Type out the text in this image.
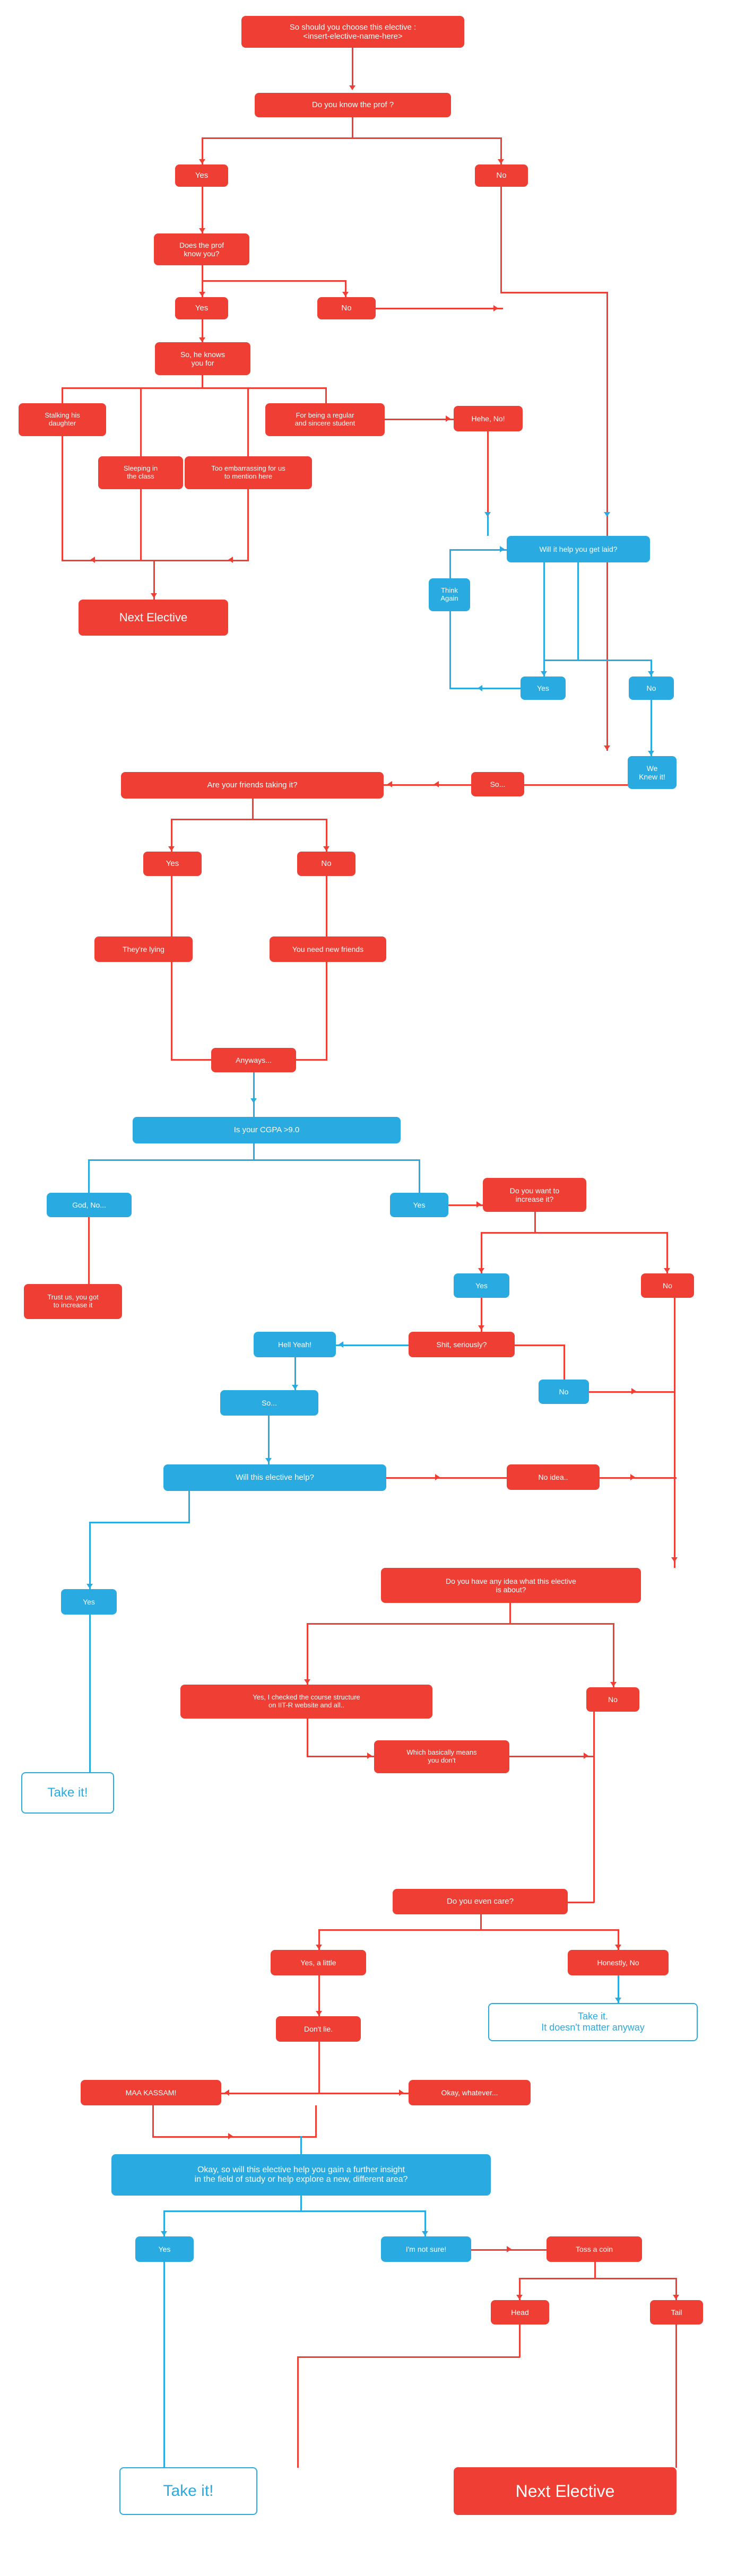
So should you choose this elective :
<insert-elective-name-here>
Do you know the prof ?
Yes	No
Does the prof
know you?
Yes	No
So, he knows
you for
Stalking his
daughter
Sleeping in
the class
Too embarrassing for us
to mention here
For being a regular
and sincere student
Hehe, No!
Next Elective
Will it help you get laid?
Think
Again
Yes	No
We
Knew it!
Are your friends taking it?	So...
Yes	No
They're lying	You need new friends
Anyways...
Is your CGPA >9.0
God, No...	Yes
Do you want to
increase it?
Yes	No
Trust us, you got
to increase it
Hell Yeah!	Shit, seriously?
So...
No
Will this elective help?	No idea..
Yes
Do you have any idea what this elective
is about?
Yes, I checked the course structure
on IIT-R website and all..
No
Which basically means
you don't
Take it!
Do you even care?
Yes, a little	Honestly, No
Don't lie.
Take it.
It doesn't matter anyway
MAA KASSAM!	Okay, whatever...
Okay, so will this elective help you gain a further insight
in the field of study or help explore a new, different area?
Yes	I'm not sure!	Toss a coin
Head	Tail
Take it!	Next Elective
